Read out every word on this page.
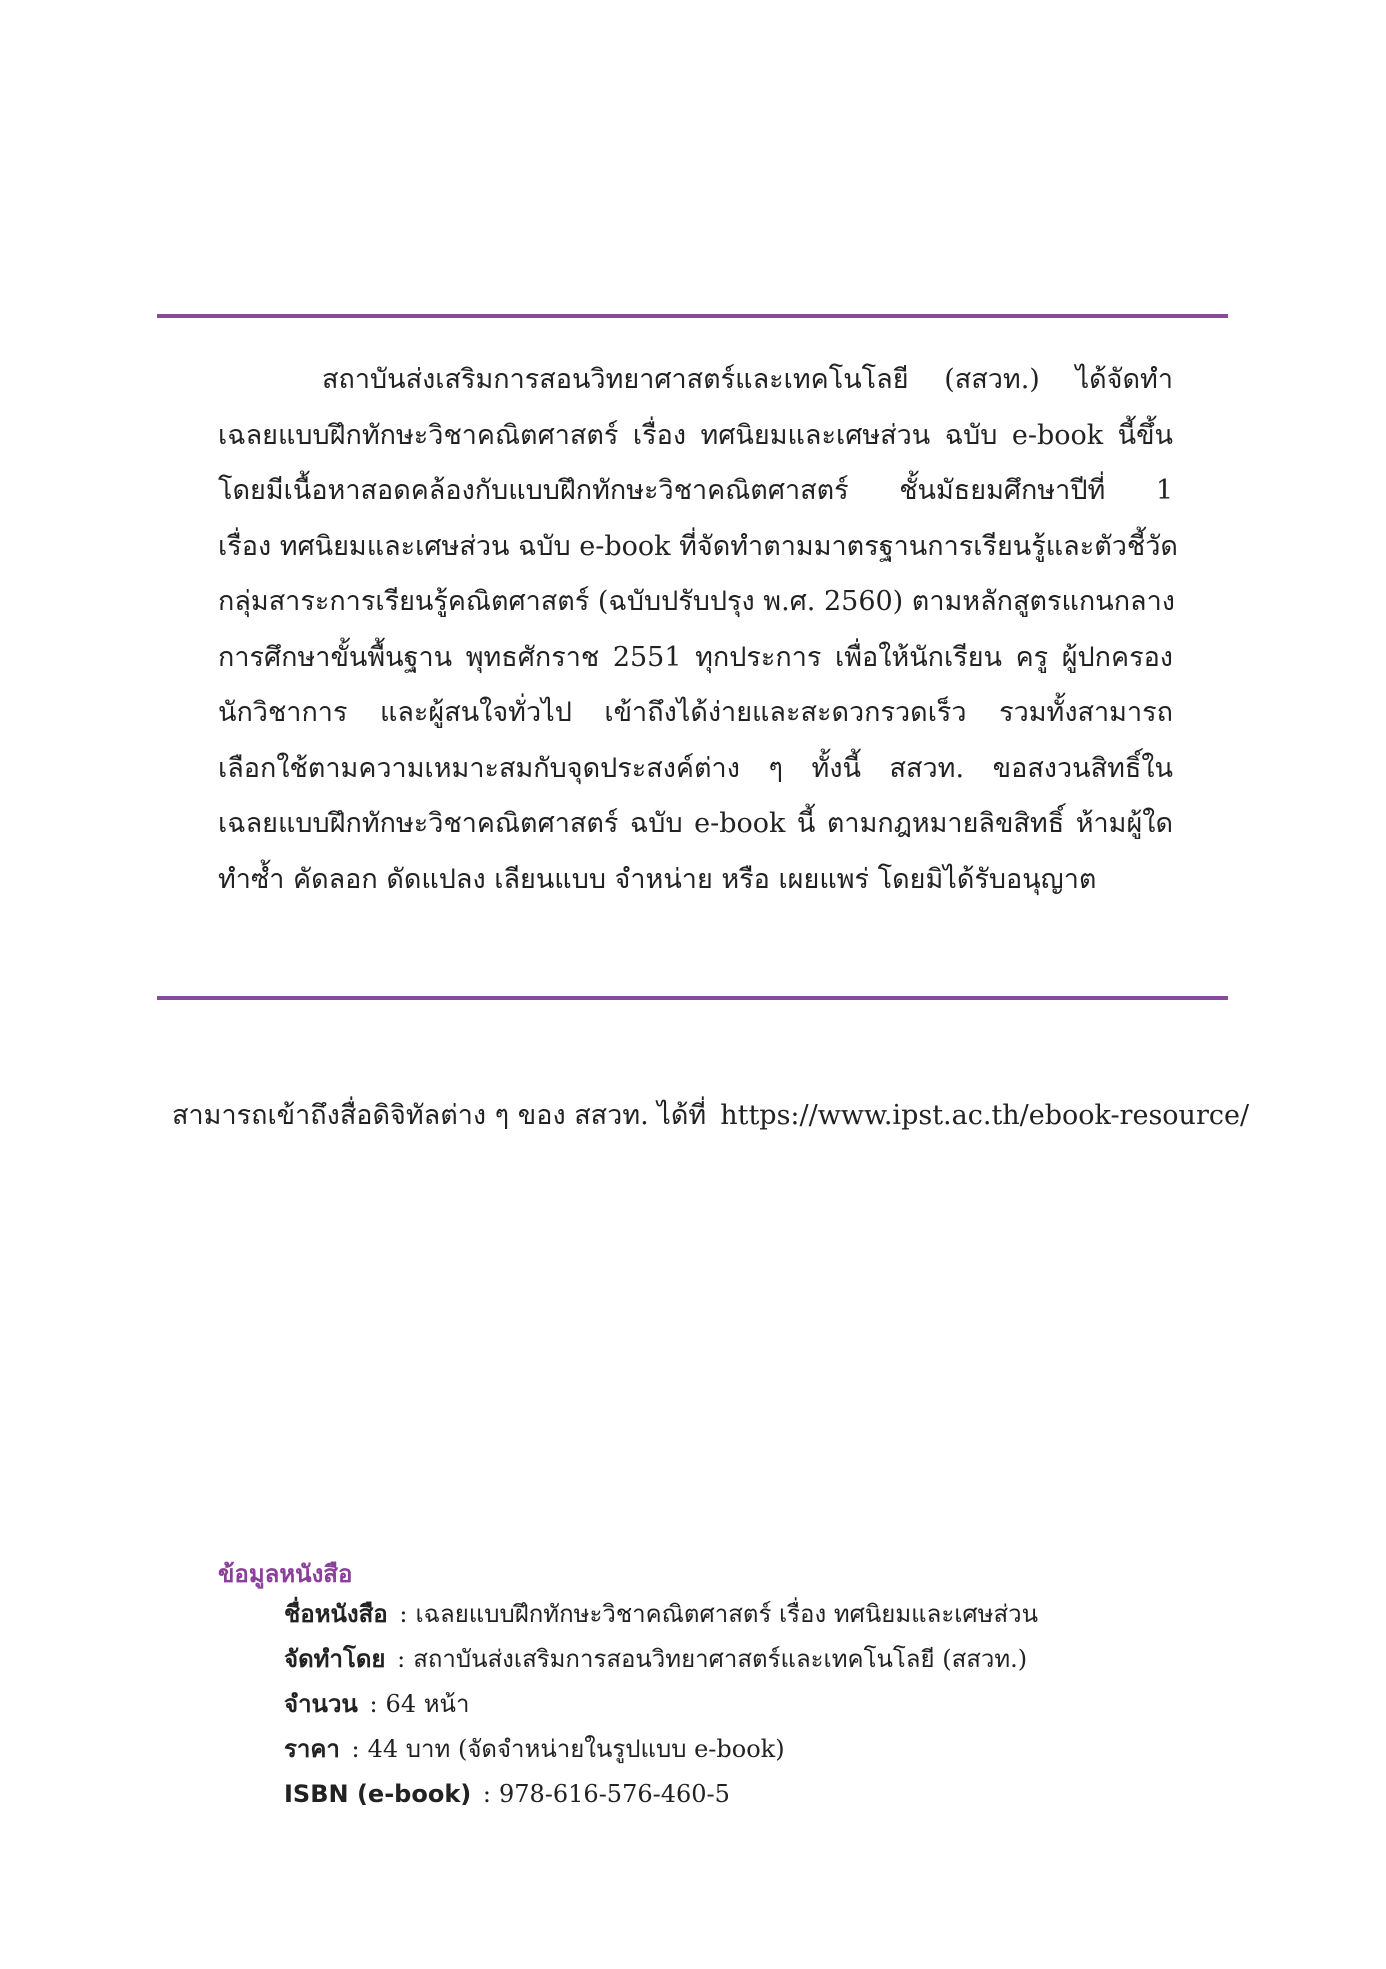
สถาบันส่งเสริมการสอนวิทยาศาสตร์และเทคโนโลยี (สสวท.) ได้จัดทำ
เฉลยแบบฝึกทักษะวิชาคณิตศาสตร์ เรื่อง ทศนิยมและเศษส่วน ฉบับ e-book นี้ขึ้น
โดยมีเนื้อหาสอดคล้องกับแบบฝึกทักษะวิชาคณิตศาสตร์ ชั้นมัธยมศึกษาปีที่ 1
เรื่อง ทศนิยมและเศษส่วน ฉบับ e-book ที่จัดทำตามมาตรฐานการเรียนรู้และตัวชี้วัด
กลุ่มสาระการเรียนรู้คณิตศาสตร์ (ฉบับปรับปรุง พ.ศ. 2560) ตามหลักสูตรแกนกลาง
การศึกษาขั้นพื้นฐาน พุทธศักราช 2551 ทุกประการ เพื่อให้นักเรียน ครู ผู้ปกครอง
นักวิชาการ และผู้สนใจทั่วไป เข้าถึงได้ง่ายและสะดวกรวดเร็ว รวมทั้งสามารถ
เลือกใช้ตามความเหมาะสมกับจุดประสงค์ต่าง ๆ ทั้งนี้ สสวท. ขอสงวนสิทธิ์ใน
เฉลยแบบฝึกทักษะวิชาคณิตศาสตร์ ฉบับ e-book นี้ ตามกฎหมายลิขสิทธิ์ ห้ามผู้ใด
ทำซ้ำ คัดลอก ดัดแปลง เลียนแบบ จำหน่าย หรือ เผยแพร่ โดยมิได้รับอนุญาต
สามารถเข้าถึงสื่อดิจิทัลต่าง ๆ ของ สสวท. ได้ที่ https://www.ipst.ac.th/ebook-resource/
ข้อมูลหนังสือ
ชื่อหนังสือ : เฉลยแบบฝึกทักษะวิชาคณิตศาสตร์ เรื่อง ทศนิยมและเศษส่วน
จัดทำโดย : สถาบันส่งเสริมการสอนวิทยาศาสตร์และเทคโนโลยี (สสวท.)
จำนวน : 64 หน้า
ราคา : 44 บาท (จัดจำหน่ายในรูปแบบ e-book)
ISBN (e-book) : 978-616-576-460-5
